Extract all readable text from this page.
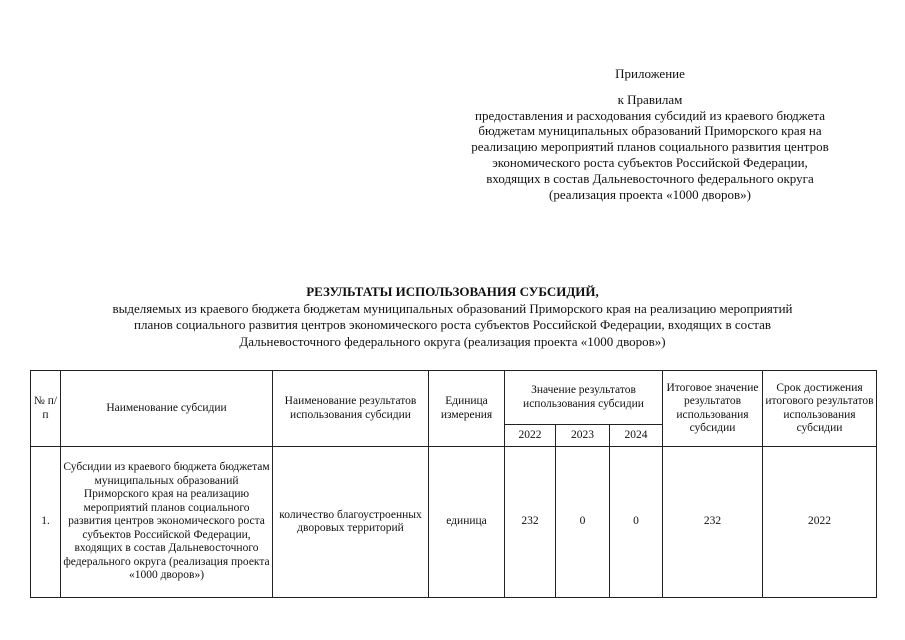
Приложение
к Правилам
предоставления и расходования субсидий из краевого бюджета
бюджетам муниципальных образований Приморского края на
реализацию мероприятий планов социального развития центров
экономического роста субъектов Российской Федерации,
входящих в состав Дальневосточного федерального округа
(реализация проекта «1000 дворов»)
РЕЗУЛЬТАТЫ ИСПОЛЬЗОВАНИЯ СУБСИДИЙ,
выделяемых из краевого бюджета бюджетам муниципальных образований Приморского края на реализацию мероприятий
планов социального развития центров экономического роста субъектов Российской Федерации, входящих в состав
Дальневосточного федерального округа (реализация проекта «1000 дворов»)
№ п/п	Наименование субсидии	Наименование результатов использования субсидии	Единица измерения	Значение результатов использования субсидии			Итоговое значение результатов использования субсидии	Срок достижения итогового результатов использования субсидии
				2022	2023	2024		
1.	Субсидии из краевого бюджета бюджетам муниципальных образований Приморского края на реализацию мероприятий планов социального развития центров экономического роста субъектов Российской Федерации, входящих в состав Дальневосточного федерального округа (реализация проекта «1000 дворов»)	количество благоустроенных дворовых территорий	единица	232	0	0	232	2022
